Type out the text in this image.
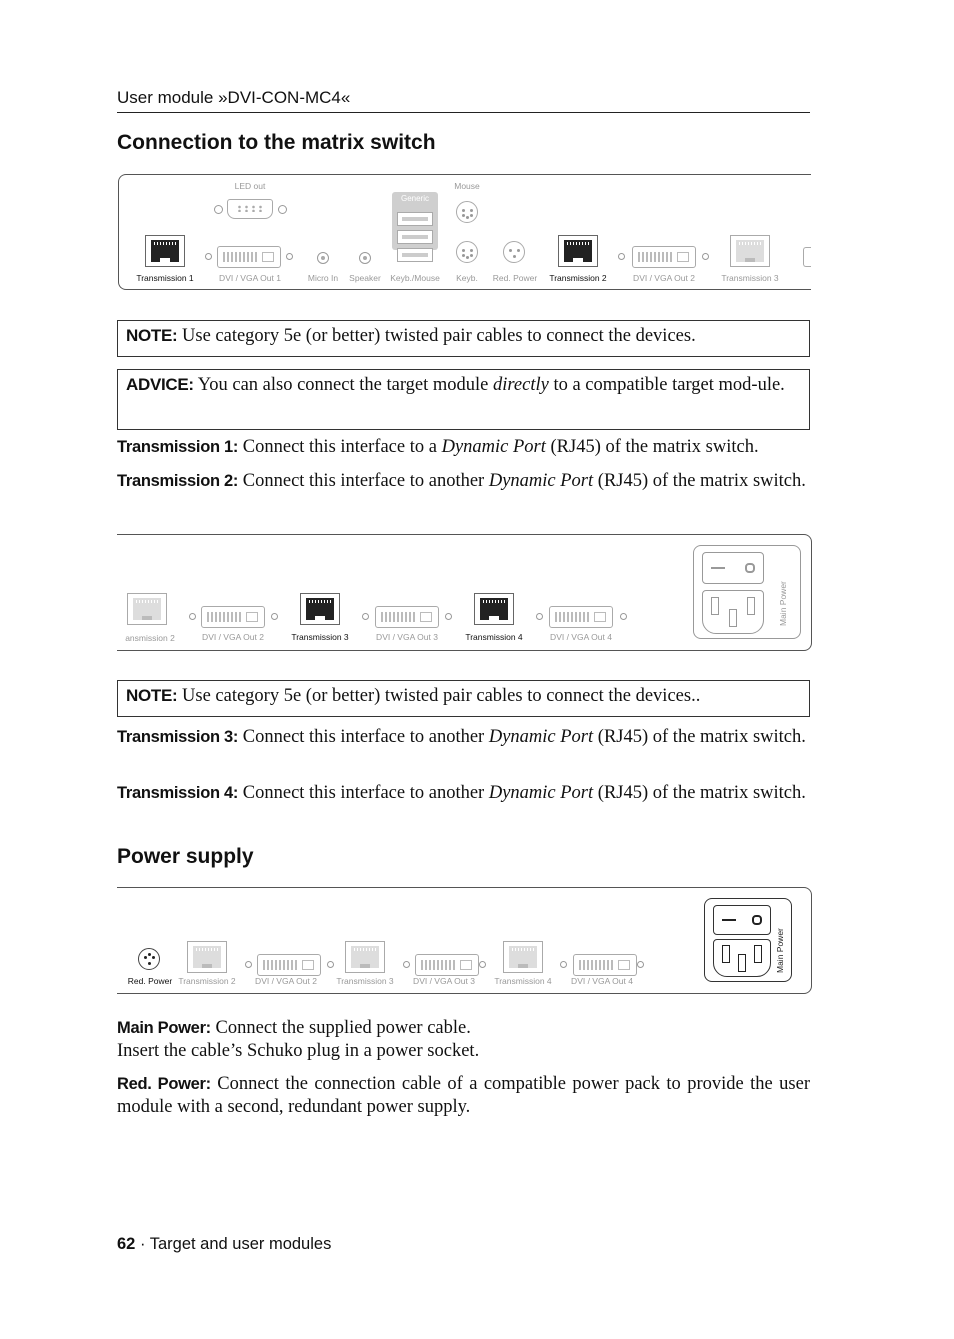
User module »DVI-CON-MC4«
Connection to the matrix switch
LED out	Mouse
Generic
Transmission 1	DVI / VGA Out 1	Micro In Speaker Keyb./Mouse Keyb. Red. Power Transmission 2	DVI / VGA Out 2	Transmission 3
NOTE: Use category 5e (or better) twisted pair cables to connect the devices.
ADVICE: You can also connect the target module directly to a compatible target mod-ule.
Transmission 1: Connect this interface to a Dynamic Port (RJ45) of the matrix switch.
Transmission 2: Connect this interface to another Dynamic Port (RJ45) of the matrix switch.
Main Power
ansmission 2	DVI / VGA Out 2	Transmission 3	DVI / VGA Out 3	Transmission 4	DVI / VGA Out 4
NOTE: Use category 5e (or better) twisted pair cables to connect the devices..
Transmission 3: Connect this interface to another Dynamic Port (RJ45) of the matrix switch.
Transmission 4: Connect this interface to another Dynamic Port (RJ45) of the matrix switch.
Power supply
Main Power
Red. Power Transmission 2 DVI / VGA Out 2 Transmission 3 DVI / VGA Out 3 Transmission 4 DVI / VGA Out 4
Main Power: Connect the supplied power cable.
Insert the cable’s Schuko plug in a power socket.
Red. Power: Connect the connection cable of a compatible power pack to provide the user module with a second, redundant power supply.
62 · Target and user modules
